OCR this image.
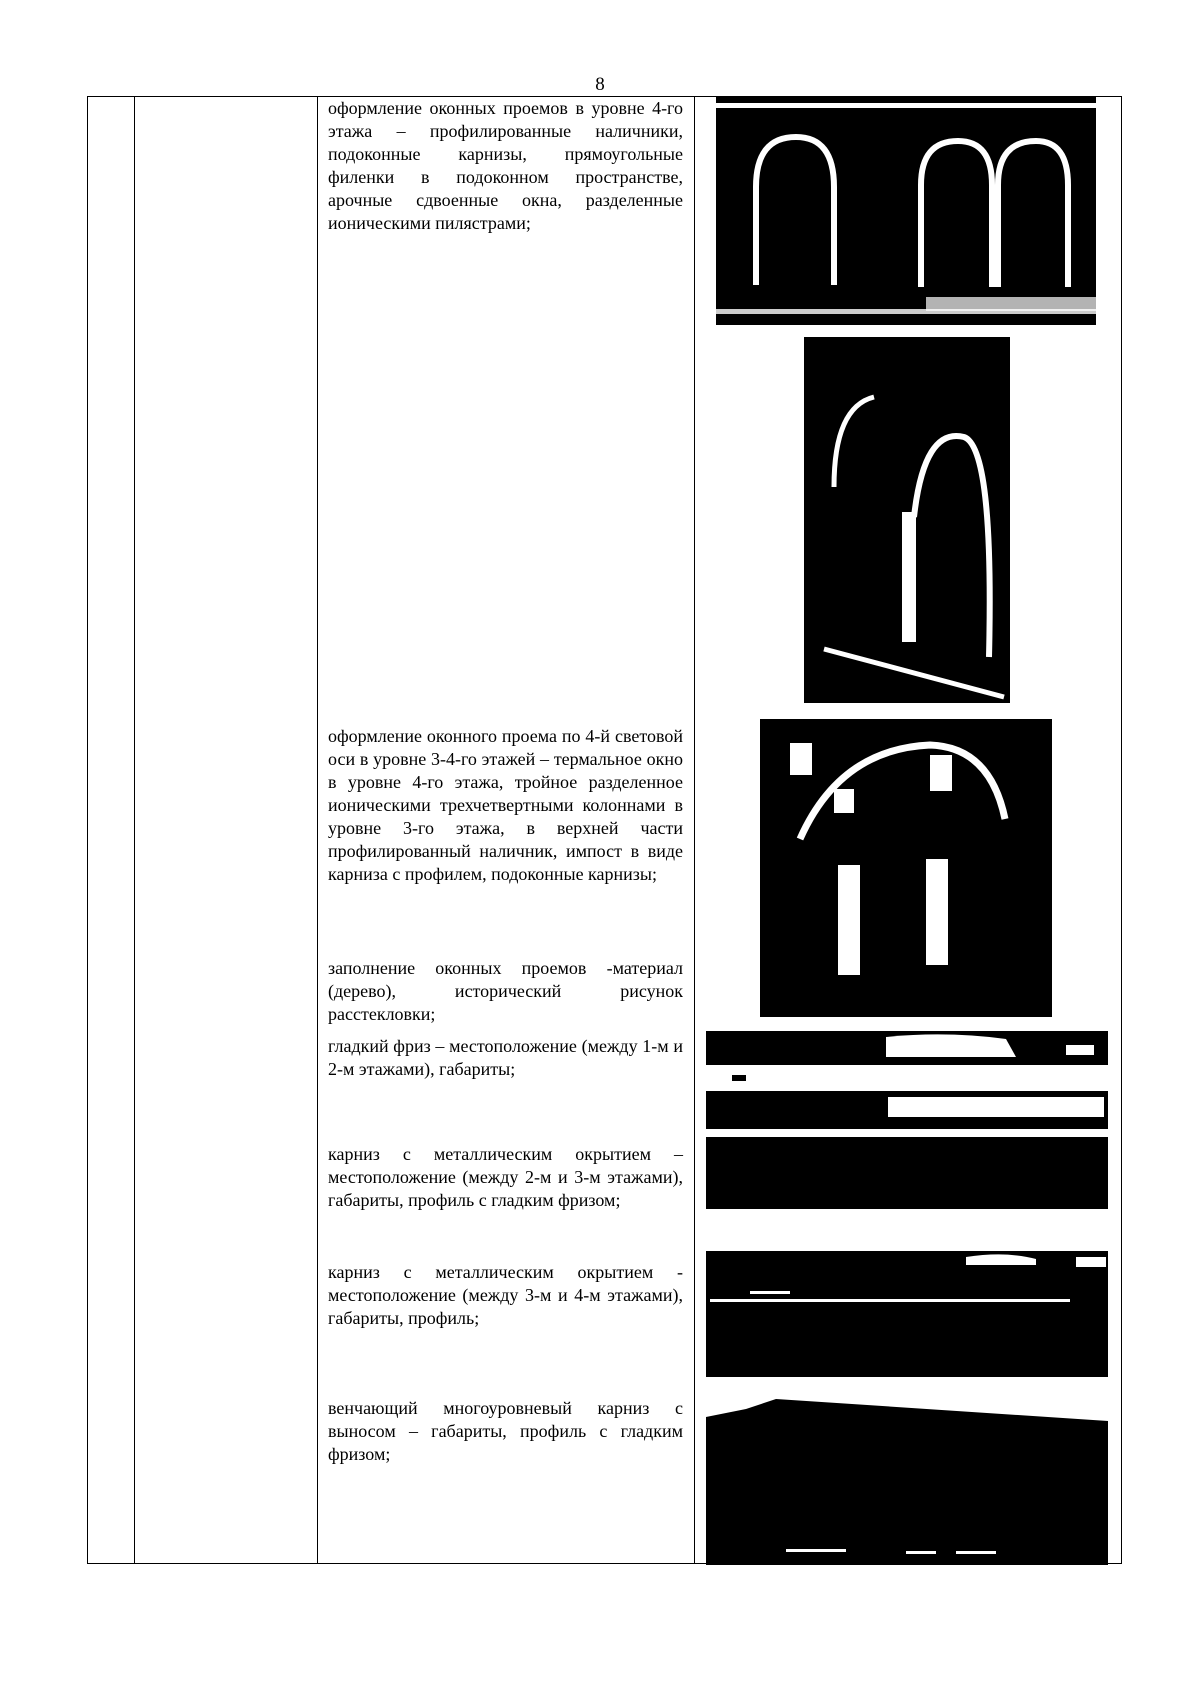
8

оформление оконных проемов в уровне 4-го этажа – профилированные наличники, подоконные карнизы, прямоугольные филенки в подоконном пространстве, арочные сдвоенные окна, разделенные ионическими пилястрами;

оформление оконного проема по 4-й световой оси в уровне 3-4-го этажей – термальное окно в уровне 4-го этажа, тройное разделенное ионическими трехчетвертными колоннами в уровне 3-го этажа, в верхней части профилированный наличник, импост в виде карниза с профилем, подоконные карнизы;

заполнение оконных проемов -материал (дерево), исторический рисунок расстекловки;

гладкий фриз – местоположение (между 1-м и 2-м этажами), габариты;

карниз с металлическим окрытием – местоположение (между 2-м и 3-м этажами), габариты, профиль с гладким фризом;

карниз с металлическим окрытием - местоположение (между 3-м и 4-м этажами), габариты, профиль;

венчающий многоуровневый карниз с выносом – габариты, профиль с гладким фризом;
